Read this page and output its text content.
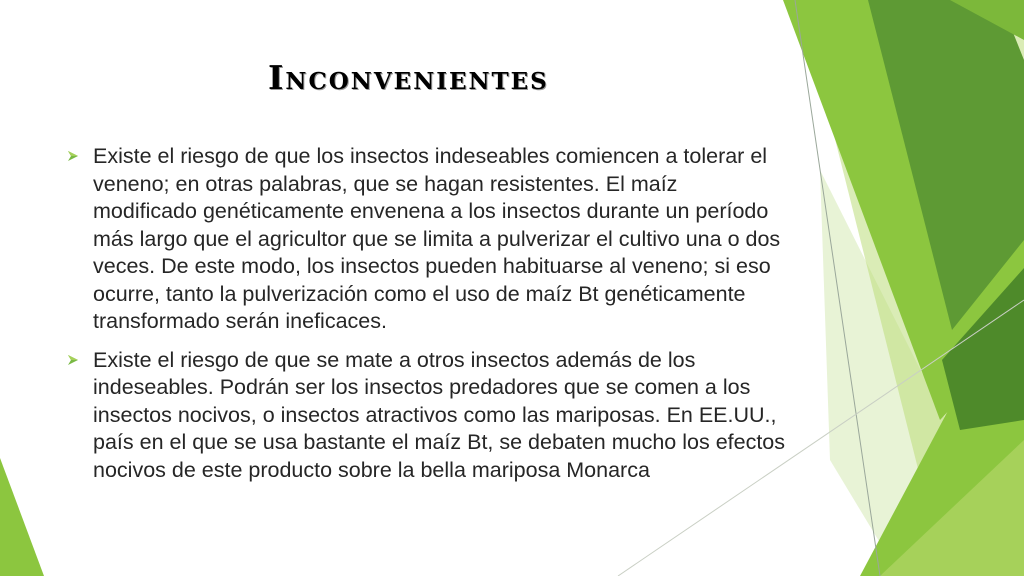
Inconvenientes
Existe el riesgo de que los insectos indeseables comiencen a tolerar el veneno; en otras palabras, que se hagan resistentes. El maíz modificado genéticamente envenena a los insectos durante un período más largo que el agricultor que se limita a pulverizar el cultivo una o dos veces. De este modo, los insectos pueden habituarse al veneno; si eso ocurre, tanto la pulverización como el uso de maíz Bt genéticamente transformado serán ineficaces.
Existe el riesgo de que se mate a otros insectos además de los indeseables. Podrán ser los insectos predadores que se comen a los insectos nocivos, o insectos atractivos como las mariposas. En EE.UU., país en el que se usa bastante el maíz Bt, se debaten mucho los efectos nocivos de este producto sobre la bella mariposa Monarca
